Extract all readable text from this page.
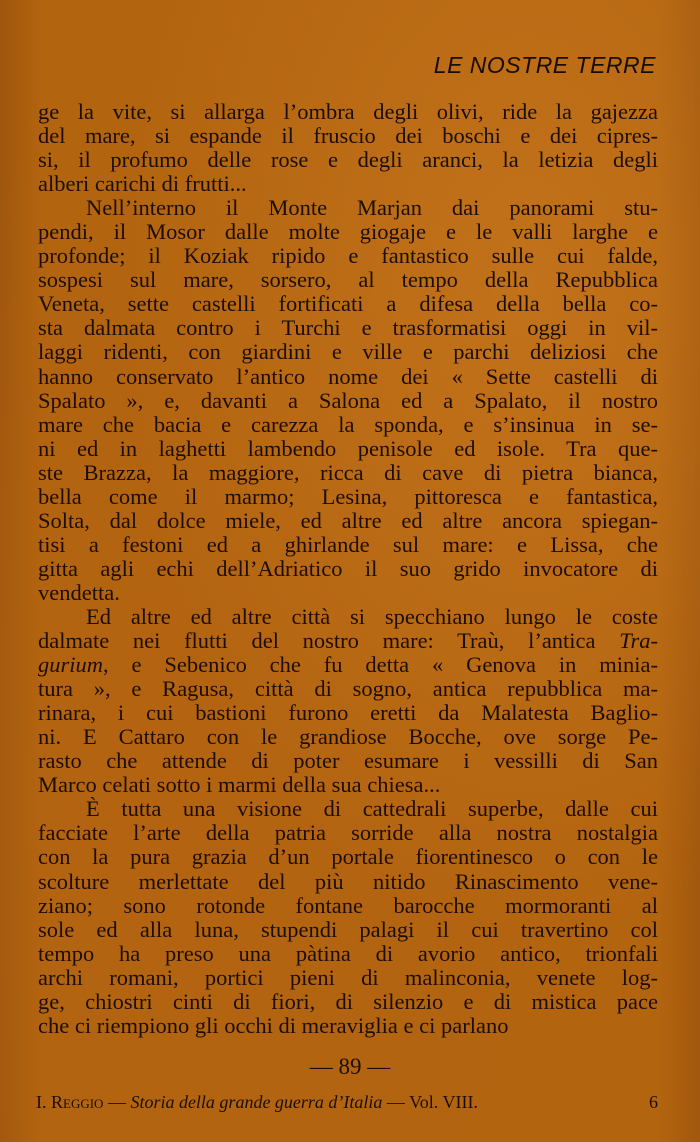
LE NOSTRE TERRE
ge la vite, si allarga l’ombra degli olivi, ride la gajezza
del mare, si espande il fruscio dei boschi e dei cipres-
si, il profumo delle rose e degli aranci, la letizia degli
alberi carichi di frutti...
Nell’interno il Monte Marjan dai panorami stu-
pendi, il Mosor dalle molte giogaje e le valli larghe e
profonde; il Koziak ripido e fantastico sulle cui falde,
sospesi sul mare, sorsero, al tempo della Repubblica
Veneta, sette castelli fortificati a difesa della bella co-
sta dalmata contro i Turchi e trasformatisi oggi in vil-
laggi ridenti, con giardini e ville e parchi deliziosi che
hanno conservato l’antico nome dei « Sette castelli di
Spalato », e, davanti a Salona ed a Spalato, il nostro
mare che bacia e carezza la sponda, e s’insinua in se-
ni ed in laghetti lambendo penisole ed isole. Tra que-
ste Brazza, la maggiore, ricca di cave di pietra bianca,
bella come il marmo; Lesina, pittoresca e fantastica,
Solta, dal dolce miele, ed altre ed altre ancora spiegan-
tisi a festoni ed a ghirlande sul mare: e Lissa, che
gitta agli echi dell’Adriatico il suo grido invocatore di
vendetta.
Ed altre ed altre città si specchiano lungo le coste
dalmate nei flutti del nostro mare: Traù, l’antica Tra-
gurium, e Sebenico che fu detta « Genova in minia-
tura », e Ragusa, città di sogno, antica repubblica ma-
rinara, i cui bastioni furono eretti da Malatesta Baglio-
ni. E Cattaro con le grandiose Bocche, ove sorge Pe-
rasto che attende di poter esumare i vessilli di San
Marco celati sotto i marmi della sua chiesa...
È tutta una visione di cattedrali superbe, dalle cui
facciate l’arte della patria sorride alla nostra nostalgia
con la pura grazia d’un portale fiorentinesco o con le
scolture merlettate del più nitido Rinascimento vene-
ziano; sono rotonde fontane barocche mormoranti al
sole ed alla luna, stupendi palagi il cui travertino col
tempo ha preso una pàtina di avorio antico, trionfali
archi romani, portici pieni di malinconia, venete log-
ge, chiostri cinti di fiori, di silenzio e di mistica pace
che ci riempiono gli occhi di meraviglia e ci parlano
— 89 —
I. Reggio — Storia della grande guerra d’Italia — Vol. VIII.	6
